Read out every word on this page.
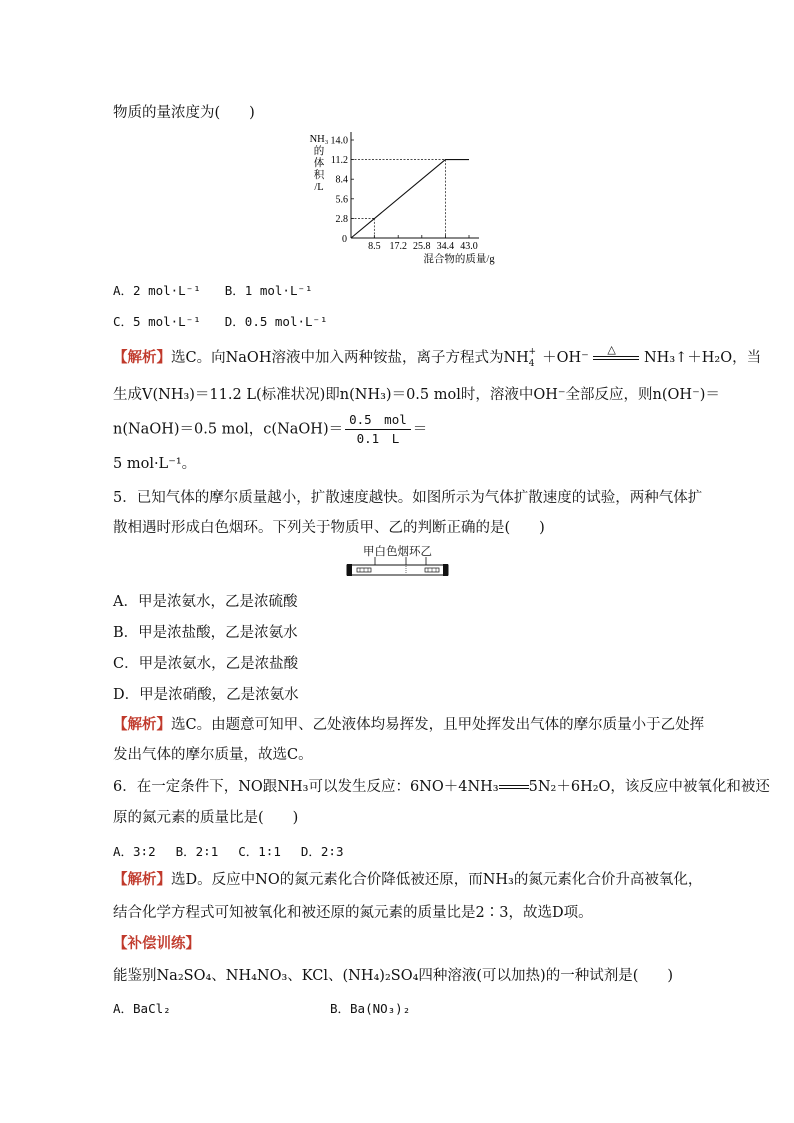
物质的量浓度为(　　)
NH₃
的
体
积
/L
2.8
5.6
8.4
11.2
14.0
8.5 17.2 25.8 34.4 43.0
0
混合物的质量/g
A．2 mol·L⁻¹ B．1 mol·L⁻¹
C．5 mol·L⁻¹ D．0.5 mol·L⁻¹
【解析】选C。向NaOH溶液中加入两种铵盐，离子方程式为$NH_4^+ +OH^-$
△
NH₃↑＋H₂O，当
生成V(NH₃)＝11.2 L(标准状况)即n(NH₃)＝0.5 mol时，溶液中OH⁻全部反应，则n(OH⁻)＝
n(NaOH)＝0.5 mol，c(NaOH)＝ $\frac{\text{0.5　mol}}{0.1 L}$ ＝
5 mol·L⁻¹。
5．已知气体的摩尔质量越小，扩散速度越快。如图所示为气体扩散速度的试验，两种气体扩
散相遇时形成白色烟环。下列关于物质甲、乙的判断正确的是(　　)
甲白色烟环乙
A．甲是浓氨水，乙是浓硫酸
B．甲是浓盐酸，乙是浓氨水
C．甲是浓氨水，乙是浓盐酸
D．甲是浓硝酸，乙是浓氨水
【解析】选C。由题意可知甲、乙处液体均易挥发，且甲处挥发出气体的摩尔质量小于乙处挥
发出气体的摩尔质量，故选C。
6．在一定条件下，NO跟NH₃可以发生反应：6NO＋4NH₃ 5N₂＋6H₂O，该反应中被氧化和被还
原的氮元素的质量比是(　　)
A．3∶2　 B．2∶1　 C．1∶1　 D．2∶3
【解析】选D。反应中NO的氮元素化合价降低被还原，而NH₃的氮元素化合价升高被氧化，
结合化学方程式可知被氧化和被还原的氮元素的质量比是2∶3，故选D项。
【补偿训练】
能鉴别Na₂SO₄、NH₄NO₃、KCl、(NH₄)₂SO₄四种溶液(可以加热)的一种试剂是(　　)
A．BaCl₂	B．Ba(NO₃)₂
